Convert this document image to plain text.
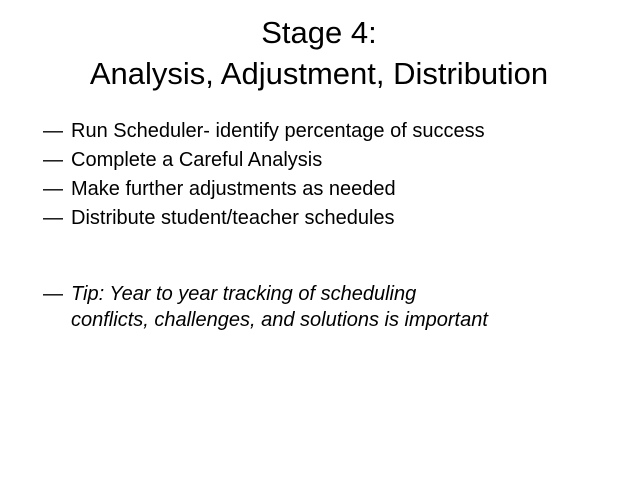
Stage 4:
Analysis, Adjustment, Distribution
— Run Scheduler- identify percentage of success
— Complete a Careful Analysis
— Make further adjustments as needed
— Distribute student/teacher schedules
— Tip: Year to year tracking of scheduling
conflicts, challenges, and solutions is important
